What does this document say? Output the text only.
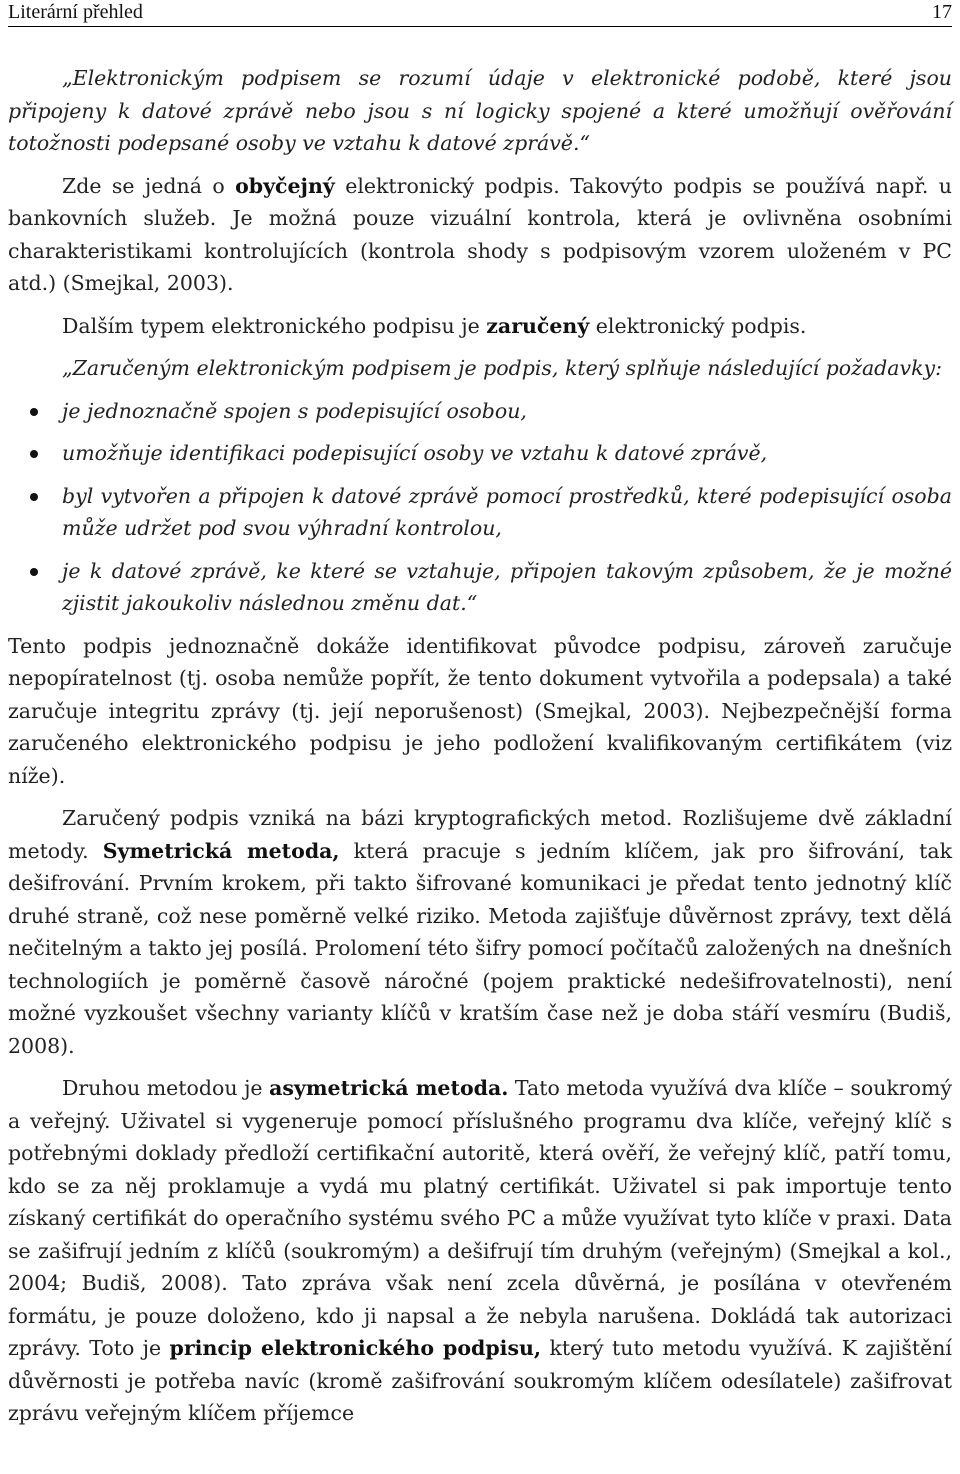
Literární přehled	17

„Elektronickým podpisem se rozumí údaje v elektronické podobě, které jsou připojeny k datové zprávě nebo jsou s ní logicky spojené a které umožňují ověřování totožnosti podepsané osoby ve vztahu k datové zprávě.“

Zde se jedná o obyčejný elektronický podpis. Takovýto podpis se používá např. u bankovních služeb. Je možná pouze vizuální kontrola, která je ovlivněna osobními charakteristikami kontrolujících (kontrola shody s podpisovým vzorem uloženém v PC atd.) (Smejkal, 2003).

Dalším typem elektronického podpisu je zaručený elektronický podpis.

„Zaručeným elektronickým podpisem je podpis, který splňuje následující požadavky:

je jednoznačně spojen s podepisující osobou,
umožňuje identifikaci podepisující osoby ve vztahu k datové zprávě,
byl vytvořen a připojen k datové zprávě pomocí prostředků, které podepisující osoba může udržet pod svou výhradní kontrolou,
je k datové zprávě, ke které se vztahuje, připojen takovým způsobem, že je možné zjistit jakoukoliv následnou změnu dat.“

Tento podpis jednoznačně dokáže identifikovat původce podpisu, zároveň zaručuje nepopíratelnost (tj. osoba nemůže popřít, že tento dokument vytvořila a podepsala) a také zaručuje integritu zprávy (tj. její neporušenost) (Smejkal, 2003). Nejbezpečnější forma zaručeného elektronického podpisu je jeho podložení kvalifikovaným certifikátem (viz níže).

Zaručený podpis vzniká na bázi kryptografických metod. Rozlišujeme dvě základní metody. Symetrická metoda, která pracuje s jedním klíčem, jak pro šifrování, tak dešifrování. Prvním krokem, při takto šifrované komunikaci je předat tento jednotný klíč druhé straně, což nese poměrně velké riziko. Metoda zajišťuje důvěrnost zprávy, text dělá nečitelným a takto jej posílá. Prolomení této šifry pomocí počítačů založených na dnešních technologiích je poměrně časově náročné (pojem praktické nedešifrovatelnosti), není možné vyzkoušet všechny varianty klíčů v kratším čase než je doba stáří vesmíru (Budiš, 2008).

Druhou metodou je asymetrická metoda. Tato metoda využívá dva klíče – soukromý a veřejný. Uživatel si vygeneruje pomocí příslušného programu dva klíče, veřejný klíč s potřebnými doklady předloží certifikační autoritě, která ověří, že veřejný klíč, patří tomu, kdo se za něj proklamuje a vydá mu platný certifikát. Uživatel si pak importuje tento získaný certifikát do operačního systému svého PC a může využívat tyto klíče v praxi. Data se zašifrují jedním z klíčů (soukromým) a dešifrují tím druhým (veřejným) (Smejkal a kol., 2004; Budiš, 2008). Tato zpráva však není zcela důvěrná, je posílána v otevřeném formátu, je pouze doloženo, kdo ji napsal a že nebyla narušena. Dokládá tak autorizaci zprávy. Toto je princip elektronického podpisu, který tuto metodu využívá. K zajištění důvěrnosti je potřeba navíc (kromě zašifrování soukromým klíčem odesílatele) zašifrovat zprávu veřejným klíčem příjemce
